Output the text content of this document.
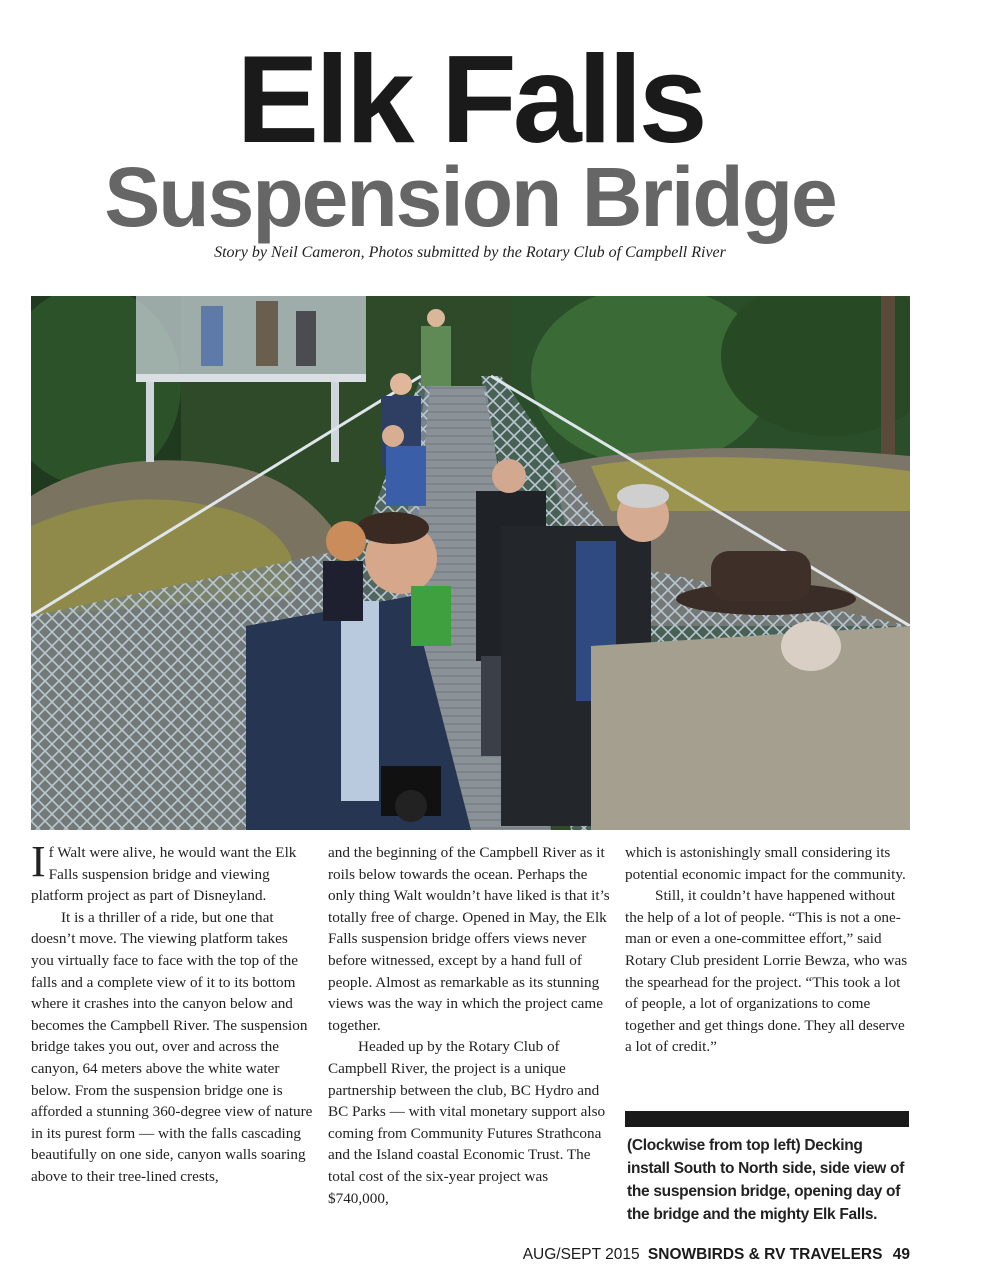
Elk Falls
Suspension Bridge
Story by Neil Cameron, Photos submitted by the Rotary Club of Campbell River

If Walt were alive, he would want the Elk Falls suspension bridge and viewing platform project as part of Disneyland.

It is a thriller of a ride, but one that doesn’t move. The viewing platform takes you virtually face to face with the top of the falls and a complete view of it to its bottom where it crashes into the canyon below and becomes the Campbell River. The suspension bridge takes you out, over and across the canyon, 64 meters above the white water below. From the suspension bridge one is afforded a stunning 360-degree view of nature in its purest form — with the falls cascading beautifully on one side, canyon walls soaring above to their tree-lined crests,

and the beginning of the Campbell River as it roils below towards the ocean. Perhaps the only thing Walt wouldn’t have liked is that it’s totally free of charge. Opened in May, the Elk Falls suspension bridge offers views never before witnessed, except by a hand full of people. Almost as remarkable as its stunning views was the way in which the project came together.

Headed up by the Rotary Club of Campbell River, the project is a unique partnership between the club, BC Hydro and BC Parks — with vital monetary support also coming from Community Futures Strathcona and the Island coastal Economic Trust. The total cost of the six-year project was $740,000,

which is astonishingly small considering its potential economic impact for the community.

Still, it couldn’t have happened without the help of a lot of people. “This is not a one-man or even a one-committee effort,” said Rotary Club president Lorrie Bewza, who was the spearhead for the project. “This took a lot of people, a lot of organizations to come together and get things done. They all deserve a lot of credit.”

(Clockwise from top left) Decking install South to North side, side view of the suspension bridge, opening day of the bridge and the mighty Elk Falls.
AUG/SEPT 2015 SNOWBIRDS & RV TRAVELERS 49
